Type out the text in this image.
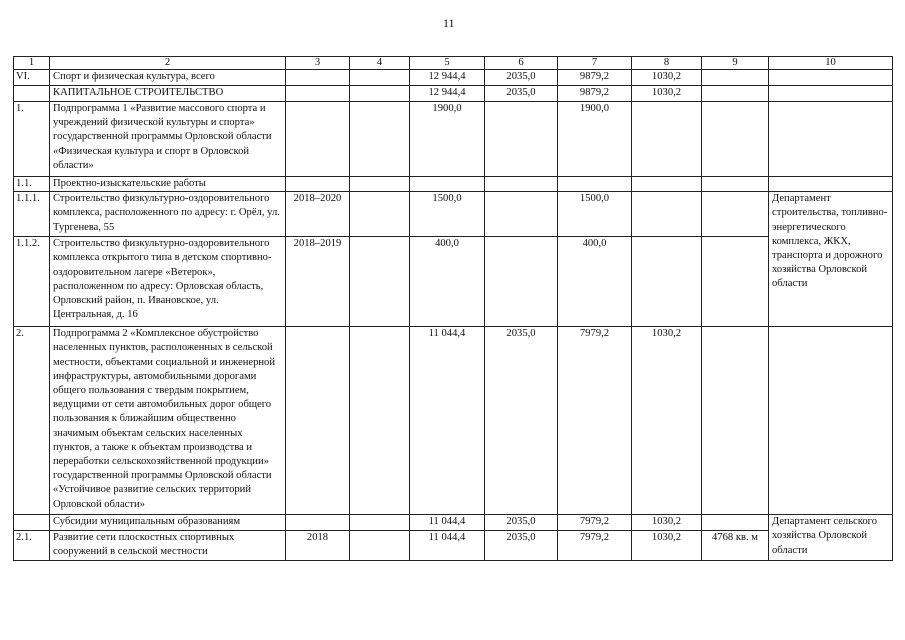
11
1	2	3	4	5	6	7	8	9	10
VI.	Спорт и физическая культура, всего			12 944,4	2035,0	9879,2	1030,2		
	КАПИТАЛЬНОЕ СТРОИТЕЛЬСТВО			12 944,4	2035,0	9879,2	1030,2		
1.	Подпрограмма 1 «Развитие массового спорта и учреждений физической культуры и спорта» государственной программы Орловской области «Физическая культура и спорт в Орловской области»			1900,0		1900,0			
1.1.	Проектно-изыскательские работы								
1.1.1.	Строительство физкультурно-оздоровительного комплекса, расположенного по адресу: г. Орёл, ул. Тургенева, 55	2018–2020		1500,0		1500,0			Департамент строительства, топливно-энергетического комплекса, ЖКХ, транспорта и дорожного хозяйства Орловской области
1.1.2.	Строительство физкультурно-оздоровительного комплекса открытого типа в детском спортивно-оздоровительном лагере «Ветерок», расположенном по адресу: Орловская область, Орловский район, п. Ивановское, ул. Центральная, д. 16	2018–2019		400,0		400,0			
2.	Подпрограмма 2 «Комплексное обустройство населенных пунктов, расположенных в сельской местности, объектами социальной и инженерной инфраструктуры, автомобильными дорогами общего пользования с твердым покрытием, ведущими от сети автомобильных дорог общего пользования к ближайшим общественно значимым объектам сельских населенных пунктов, а также к объектам производства и переработки сельскохозяйственной продукции» государственной программы Орловской области «Устойчивое развитие сельских территорий Орловской области»			11 044,4	2035,0	7979,2	1030,2		
	Субсидии муниципальным образованиям			11 044,4	2035,0	7979,2	1030,2		Департамент сельского хозяйства Орловской области
2.1.	Развитие сети плоскостных спортивных сооружений в сельской местности	2018		11 044,4	2035,0	7979,2	1030,2	4768 кв. м	
